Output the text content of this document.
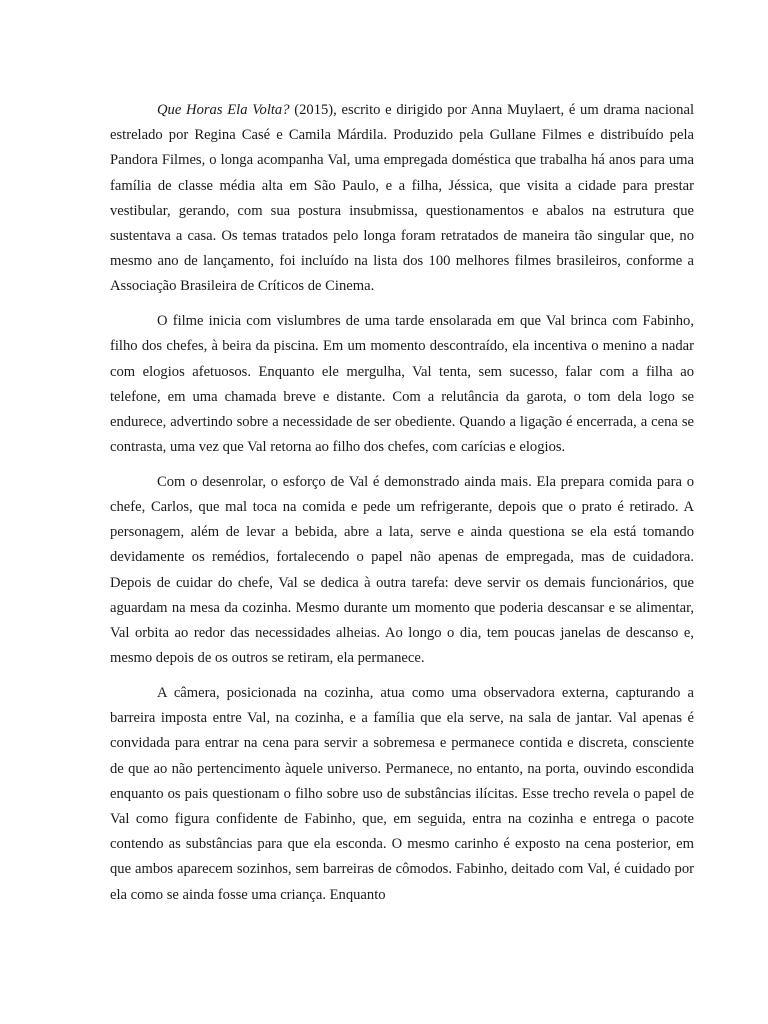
Que Horas Ela Volta? (2015), escrito e dirigido por Anna Muylaert, é um drama nacional estrelado por Regina Casé e Camila Márdila. Produzido pela Gullane Filmes e distribuído pela Pandora Filmes, o longa acompanha Val, uma empregada doméstica que trabalha há anos para uma família de classe média alta em São Paulo, e a filha, Jéssica, que visita a cidade para prestar vestibular, gerando, com sua postura insubmissa, questionamentos e abalos na estrutura que sustentava a casa. Os temas tratados pelo longa foram retratados de maneira tão singular que, no mesmo ano de lançamento, foi incluído na lista dos 100 melhores filmes brasileiros, conforme a Associação Brasileira de Críticos de Cinema.

O filme inicia com vislumbres de uma tarde ensolarada em que Val brinca com Fabinho, filho dos chefes, à beira da piscina. Em um momento descontraído, ela incentiva o menino a nadar com elogios afetuosos. Enquanto ele mergulha, Val tenta, sem sucesso, falar com a filha ao telefone, em uma chamada breve e distante. Com a relutância da garota, o tom dela logo se endurece, advertindo sobre a necessidade de ser obediente. Quando a ligação é encerrada, a cena se contrasta, uma vez que Val retorna ao filho dos chefes, com carícias e elogios.

Com o desenrolar, o esforço de Val é demonstrado ainda mais. Ela prepara comida para o chefe, Carlos, que mal toca na comida e pede um refrigerante, depois que o prato é retirado. A personagem, além de levar a bebida, abre a lata, serve e ainda questiona se ela está tomando devidamente os remédios, fortalecendo o papel não apenas de empregada, mas de cuidadora. Depois de cuidar do chefe, Val se dedica à outra tarefa: deve servir os demais funcionários, que aguardam na mesa da cozinha. Mesmo durante um momento que poderia descansar e se alimentar, Val orbita ao redor das necessidades alheias. Ao longo o dia, tem poucas janelas de descanso e, mesmo depois de os outros se retiram, ela permanece.

A câmera, posicionada na cozinha, atua como uma observadora externa, capturando a barreira imposta entre Val, na cozinha, e a família que ela serve, na sala de jantar. Val apenas é convidada para entrar na cena para servir a sobremesa e permanece contida e discreta, consciente de que ao não pertencimento àquele universo. Permanece, no entanto, na porta, ouvindo escondida enquanto os pais questionam o filho sobre uso de substâncias ilícitas. Esse trecho revela o papel de Val como figura confidente de Fabinho, que, em seguida, entra na cozinha e entrega o pacote contendo as substâncias para que ela esconda. O mesmo carinho é exposto na cena posterior, em que ambos aparecem sozinhos, sem barreiras de cômodos. Fabinho, deitado com Val, é cuidado por ela como se ainda fosse uma criança. Enquanto
